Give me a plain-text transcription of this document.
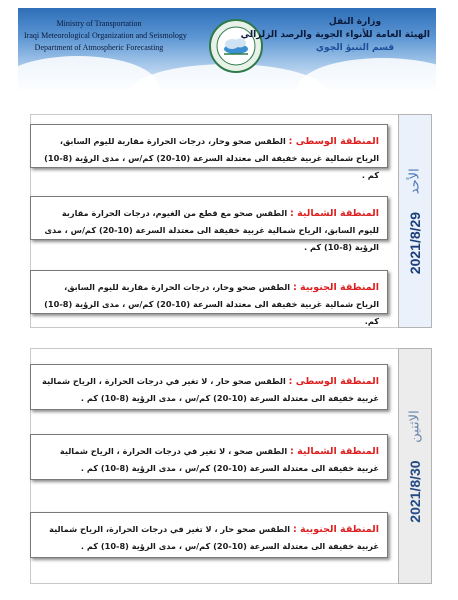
Ministry of Transportation
Iraqi Meteorological Organization and Seismology
Department of Atmospheric Forecasting
وزارة النقل
الهيئة العامة للأنواء الجوية والرصد الزلزالي
قسم التنبؤ الجوي
المنطقة الوسطى : الطقس صحو وحار، درجات الحرارة مقاربة لليوم السابق، الرياح شمالية غربية خفيفة الى معتدلة السرعة (10-20) كم/س ، مدى الرؤية (8-10) كم .
المنطقة الشمالية : الطقس صحو مع قطع من الغيوم، درجات الحرارة مقاربة لليوم السابق، الرياح شمالية غربية خفيفة الى معتدلة السرعة (10-20) كم/س ، مدى الرؤية (8-10) كم .
المنطقة الجنوبية : الطقس صحو وحار، درجات الحرارة مقاربة لليوم السابق، الرياح شمالية غربية خفيفة الى معتدلة السرعة (10-20) كم/س ، مدى الرؤية (8-10) كم.
2021/8/29
الأحد
المنطقة الوسطى : الطقس صحو حار ، لا تغير في درجات الحرارة ، الرياح شمالية غربية خفيفة الى معتدلة السرعة (10-20) كم/س ، مدى الرؤية (8-10) كم .
المنطقة الشمالية : الطقس صحو ، لا تغير في درجات الحرارة ، الرياح شمالية غربية خفيفة الى معتدلة السرعة (10-20) كم/س ، مدى الرؤية (8-10) كم .
المنطقة الجنوبية : الطقس صحو حار ، لا تغير في درجات الحرارة، الرياح شمالية غربية خفيفة الى معتدلة السرعة (10-20) كم/س ، مدى الرؤية (8-10) كم .
2021/8/30
الاثنين
